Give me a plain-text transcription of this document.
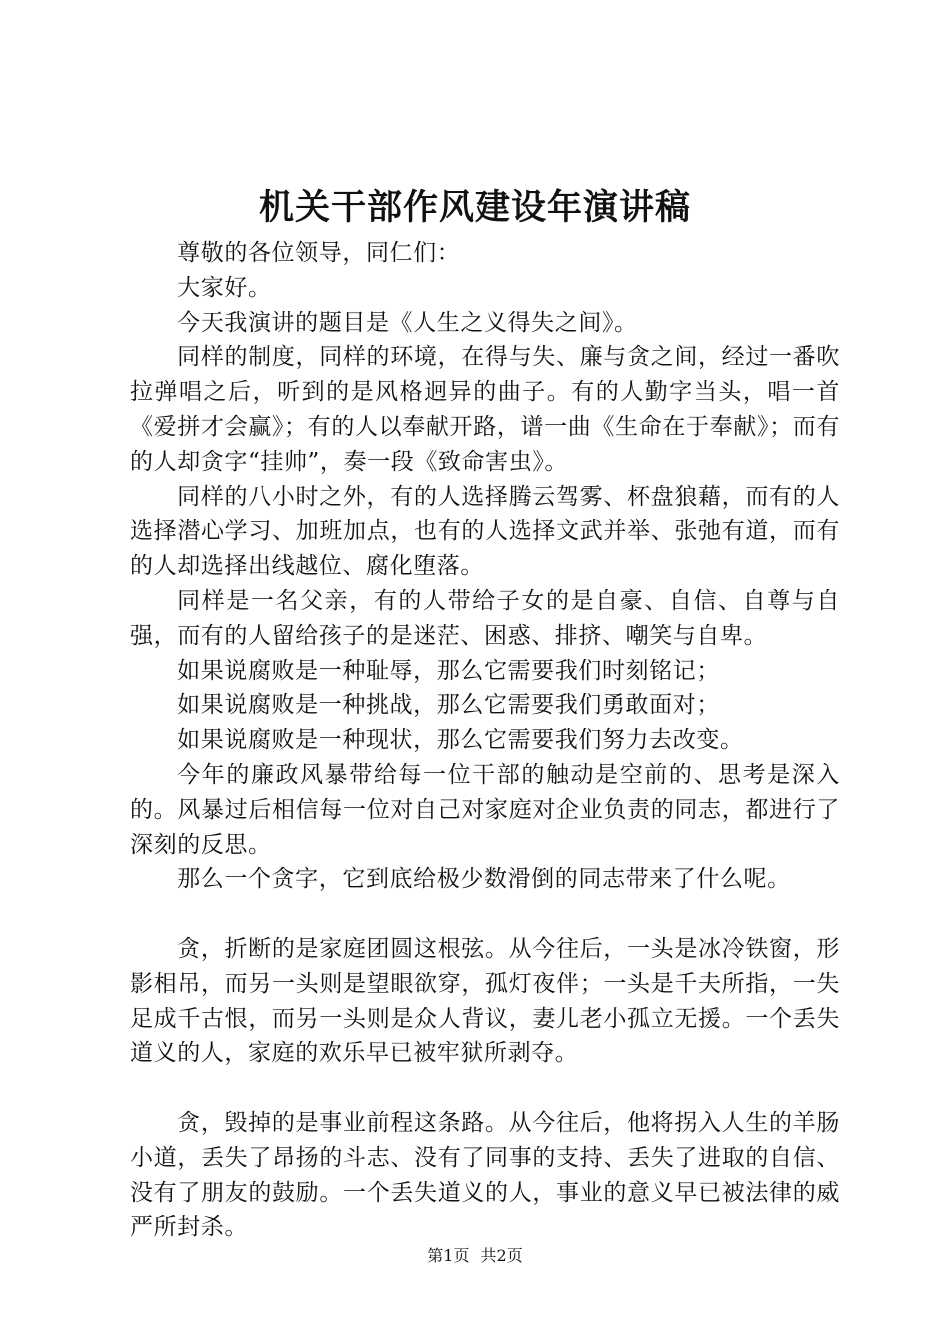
机关干部作风建设年演讲稿

尊敬的各位领导，同仁们：

大家好。

今天我演讲的题目是《人生之义得失之间》。

同样的制度，同样的环境，在得与失、廉与贪之间，经过一番吹拉弹唱之后，听到的是风格迥异的曲子。有的人勤字当头，唱一首《爱拼才会赢》；有的人以奉献开路，谱一曲《生命在于奉献》；而有的人却贪字“挂帅”，奏一段《致命害虫》。

同样的八小时之外，有的人选择腾云驾雾、杯盘狼藉，而有的人选择潜心学习、加班加点，也有的人选择文武并举、张弛有道，而有的人却选择出线越位、腐化堕落。

同样是一名父亲，有的人带给子女的是自豪、自信、自尊与自强，而有的人留给孩子的是迷茫、困惑、排挤、嘲笑与自卑。

如果说腐败是一种耻辱，那么它需要我们时刻铭记；

如果说腐败是一种挑战，那么它需要我们勇敢面对；

如果说腐败是一种现状，那么它需要我们努力去改变。

今年的廉政风暴带给每一位干部的触动是空前的、思考是深入的。风暴过后相信每一位对自己对家庭对企业负责的同志，都进行了深刻的反思。

那么一个贪字，它到底给极少数滑倒的同志带来了什么呢。

贪，折断的是家庭团圆这根弦。从今往后，一头是冰冷铁窗，形影相吊，而另一头则是望眼欲穿，孤灯夜伴；一头是千夫所指，一失足成千古恨，而另一头则是众人背议，妻儿老小孤立无援。一个丢失道义的人，家庭的欢乐早已被牢狱所剥夺。

贪，毁掉的是事业前程这条路。从今往后，他将拐入人生的羊肠小道，丢失了昂扬的斗志、没有了同事的支持、丢失了进取的自信、没有了朋友的鼓励。一个丢失道义的人，事业的意义早已被法律的威严所封杀。

第1页 共2页
